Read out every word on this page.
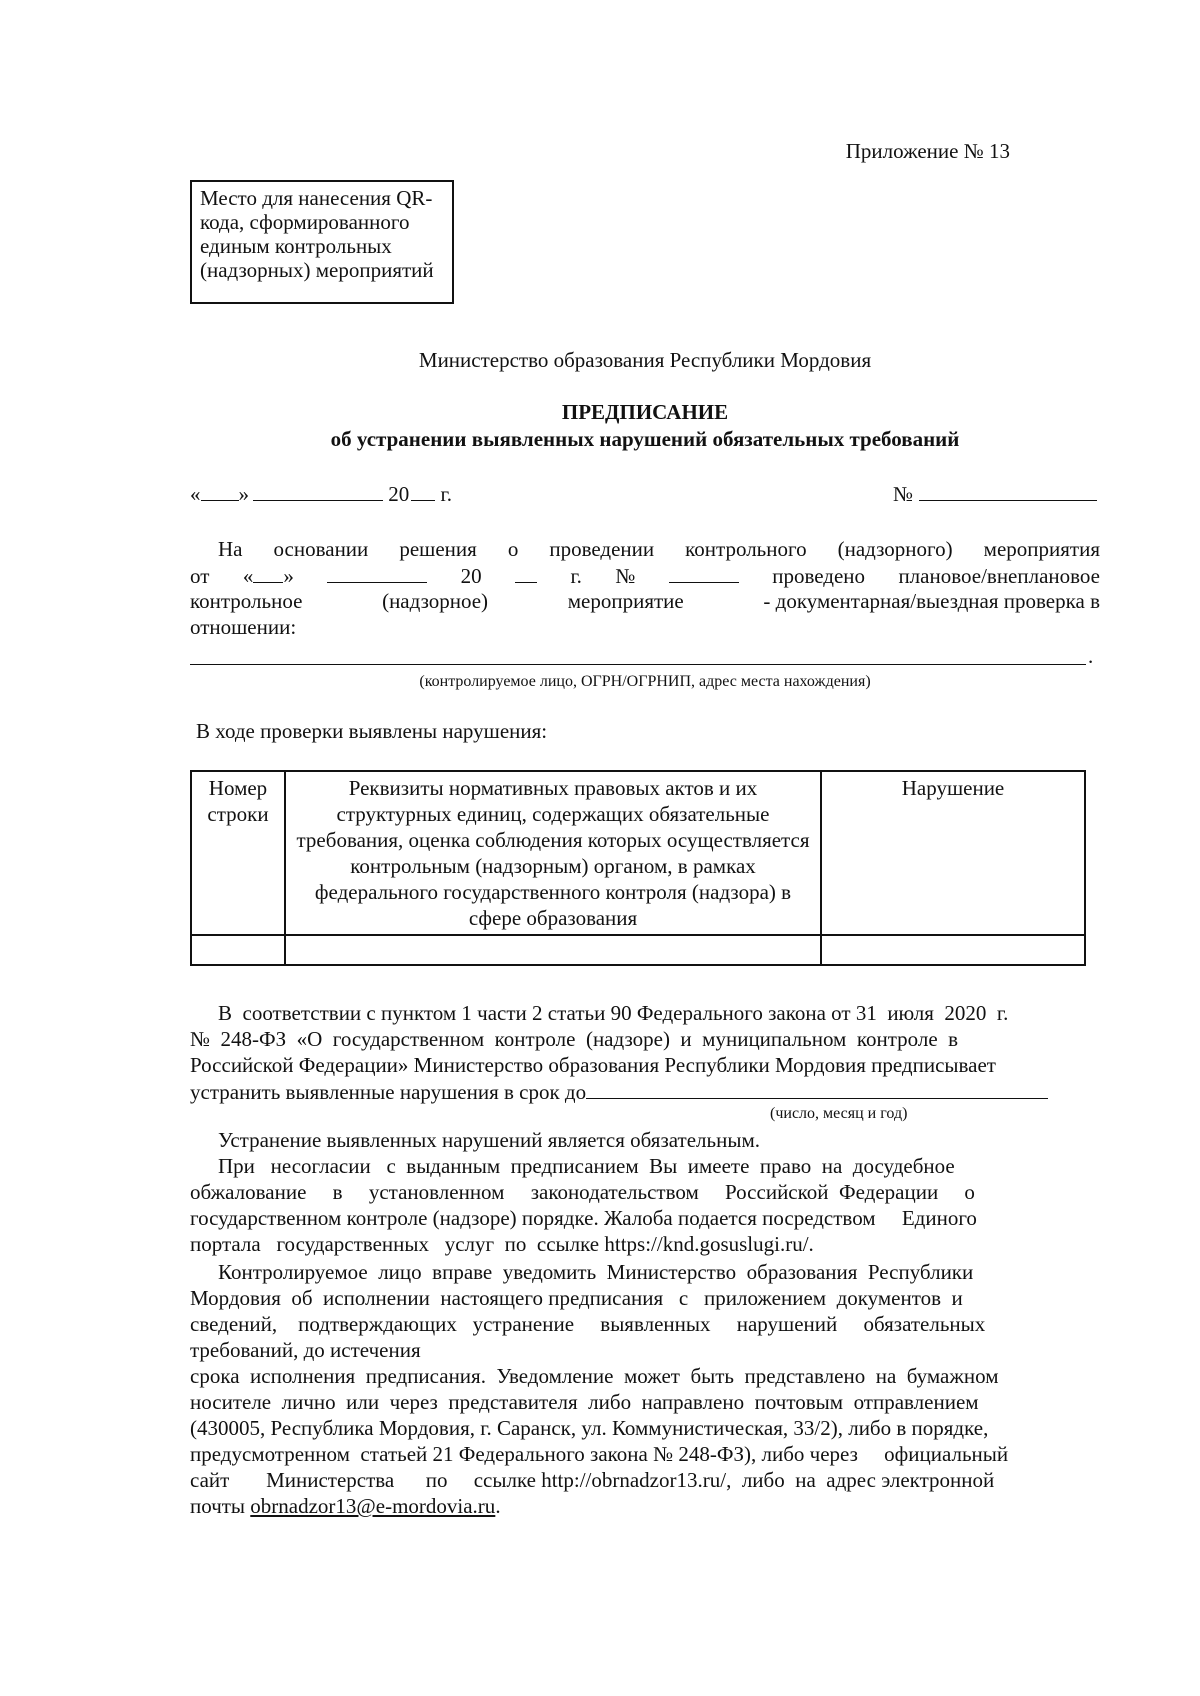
Приложение № 13
Место для нанесения QR-
кода, сформированного
единым контрольных
(надзорных) мероприятий
Министерство образования Республики Мордовия
ПРЕДПИСАНИЕ
об устранении выявленных нарушений обязательных требований
« »	20 г.	№
На основании решения о проведении контрольного (надзорного) мероприятия
от « »	20	г. №	проведено плановое/внеплановое
контрольное	(надзорное)	мероприятие	- документарная/выездная проверка в
отношении:
.
(контролируемое лицо, ОГРН/ОГРНИП, адрес места нахождения)
В ходе проверки выявлены нарушения:
Номер строки	Реквизиты нормативных правовых актов и их структурных единиц, содержащих обязательные требования, оценка соблюдения которых осуществляется контрольным (надзорным) органом, в рамках федерального государственного контроля (надзора) в сфере образования	Нарушение

В  соответствии с пунктом 1 части 2 статьи 90 Федерального закона от 31  июля  2020  г.
№  248-ФЗ  «О  государственном  контроле  (надзоре)  и  муниципальном  контроле  в
Российской Федерации» Министерство образования Республики Мордовия предписывает
устранить выявленные нарушения в срок до
(число, месяц и год)
Устранение выявленных нарушений является обязательным.
При   несогласии   с  выданным  предписанием  Вы  имеете  право  на  досудебное
обжалование     в     установленном     законодательством     Российской  Федерации     о
государственном контроле (надзоре) порядке. Жалоба подается посредством     Единого
портала   государственных   услуг  по  ссылке https://knd.gosuslugi.ru/.
Контролируемое  лицо  вправе  уведомить  Министерство  образования  Республики
Мордовия  об  исполнении  настоящего предписания   с   приложением  документов  и
сведений,    подтверждающих   устранение     выявленных     нарушений     обязательных
требований, до истечения
срока  исполнения  предписания.  Уведомление  может  быть  представлено  на  бумажном
носителе  лично  или  через  представителя  либо  направлено  почтовым  отправлением
(430005, Республика Мордовия, г. Саранск, ул. Коммунистическая, 33/2), либо в порядке,
предусмотренном  статьей 21 Федерального закона № 248-ФЗ), либо через     официальный
сайт       Министерства      по     ссылке http://obrnadzor13.ru/,  либо  на  адрес электронной
почты obrnadzor13@e-mordovia.ru.
